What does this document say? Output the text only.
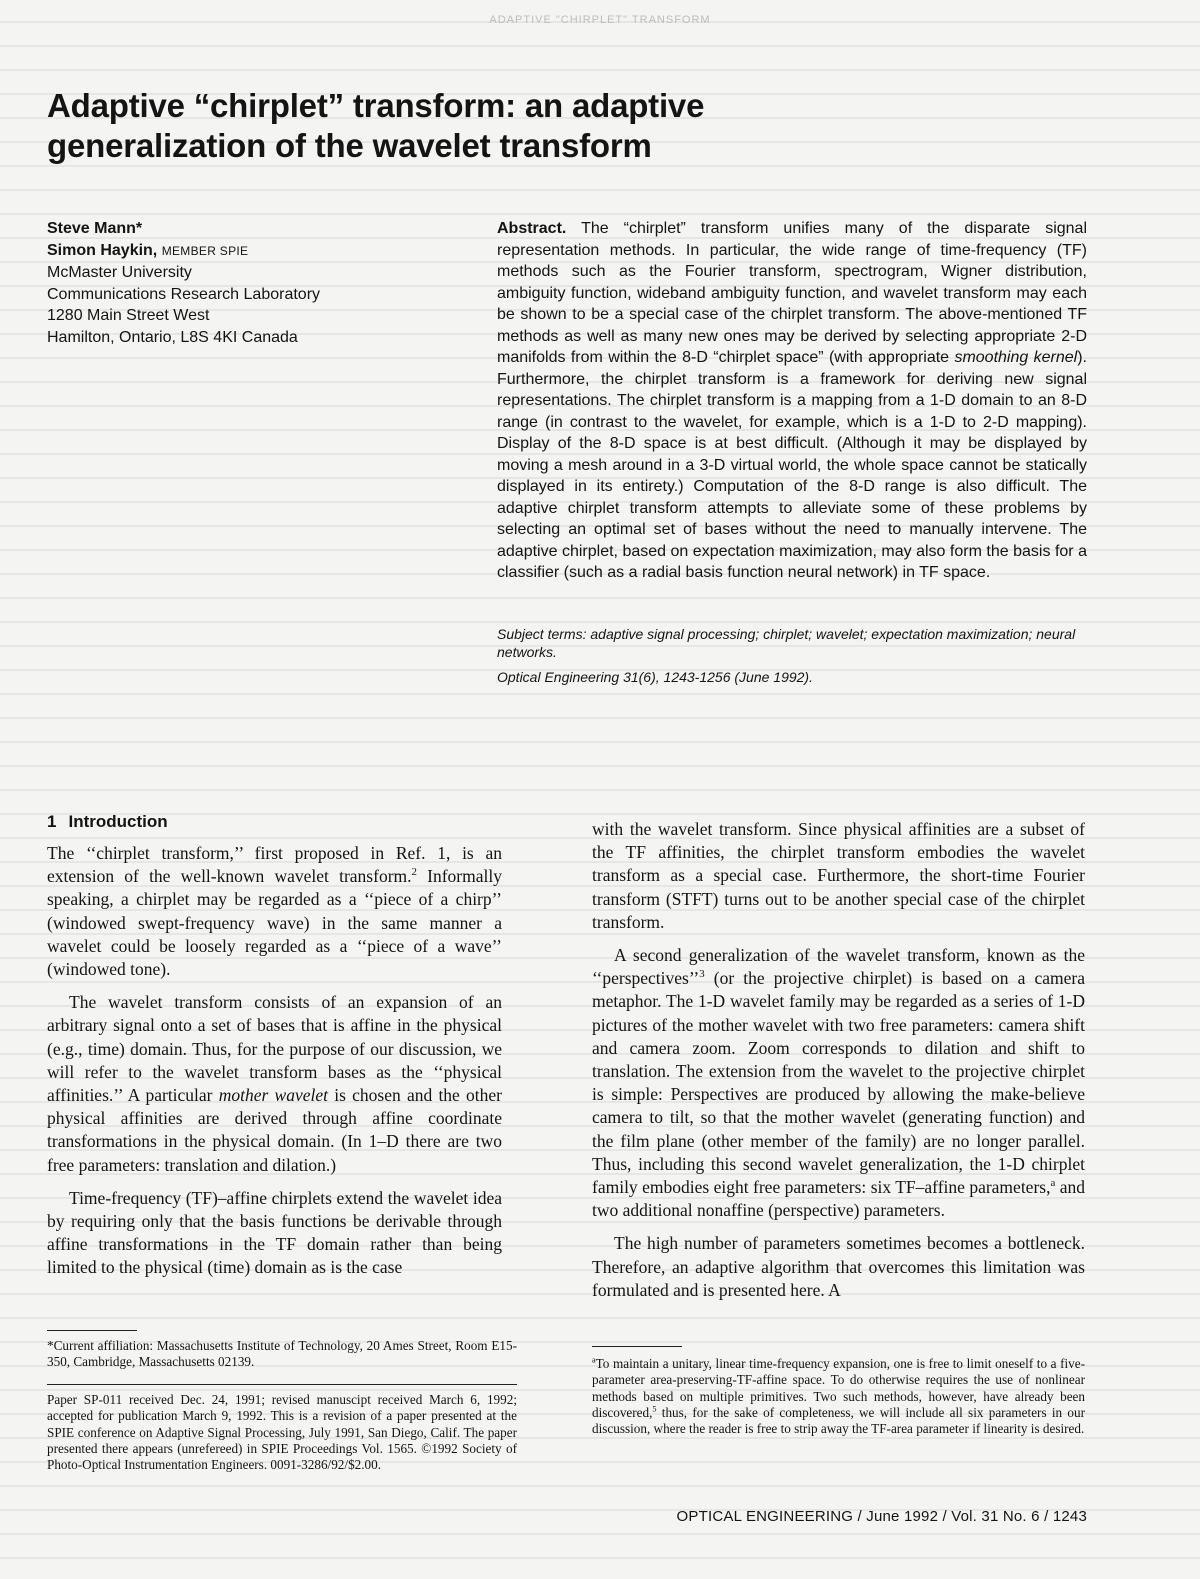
ADAPTIVE "CHIRPLET" TRANSFORM
Adaptive “chirplet” transform: an adaptive generalization of the wavelet transform
Steve Mann*
Simon Haykin, MEMBER SPIE
McMaster University
Communications Research Laboratory
1280 Main Street West
Hamilton, Ontario, L8S 4KI Canada
Abstract. The “chirplet” transform unifies many of the disparate signal representation methods. In particular, the wide range of time-frequency (TF) methods such as the Fourier transform, spectrogram, Wigner distribution, ambiguity function, wideband ambiguity function, and wavelet transform may each be shown to be a special case of the chirplet transform. The above-mentioned TF methods as well as many new ones may be derived by selecting appropriate 2-D manifolds from within the 8-D “chirplet space” (with appropriate smoothing kernel). Furthermore, the chirplet transform is a framework for deriving new signal representations. The chirplet transform is a mapping from a 1-D domain to an 8-D range (in contrast to the wavelet, for example, which is a 1-D to 2-D mapping). Display of the 8-D space is at best difficult. (Although it may be displayed by moving a mesh around in a 3-D virtual world, the whole space cannot be statically displayed in its entirety.) Computation of the 8-D range is also difficult. The adaptive chirplet transform attempts to alleviate some of these problems by selecting an optimal set of bases without the need to manually intervene. The adaptive chirplet, based on expectation maximization, may also form the basis for a classifier (such as a radial basis function neural network) in TF space.
Subject terms: adaptive signal processing; chirplet; wavelet; expectation maximization; neural networks.
Optical Engineering 31(6), 1243-1256 (June 1992).
1 Introduction

The ‘‘chirplet transform,’’ first proposed in Ref. 1, is an extension of the well-known wavelet transform.$^2$ Informally speaking, a chirplet may be regarded as a ‘‘piece of a chirp’’ (windowed swept-frequency wave) in the same manner a wavelet could be loosely regarded as a ‘‘piece of a wave’’ (windowed tone).

The wavelet transform consists of an expansion of an arbitrary signal onto a set of bases that is affine in the physical (e.g., time) domain. Thus, for the purpose of our discussion, we will refer to the wavelet transform bases as the ‘‘physical affinities.’’ A particular mother wavelet is chosen and the other physical affinities are derived through affine coordinate transformations in the physical domain. (In 1–D there are two free parameters: translation and dilation.)

Time-frequency (TF)–affine chirplets extend the wavelet idea by requiring only that the basis functions be derivable through affine transformations in the TF domain rather than being limited to the physical (time) domain as is the case

with the wavelet transform. Since physical affinities are a subset of the TF affinities, the chirplet transform embodies the wavelet transform as a special case. Furthermore, the short-time Fourier transform (STFT) turns out to be another special case of the chirplet transform.

A second generalization of the wavelet transform, known as the ‘‘perspectives’’$^3$ (or the projective chirplet) is based on a camera metaphor. The 1-D wavelet family may be regarded as a series of 1-D pictures of the mother wavelet with two free parameters: camera shift and camera zoom. Zoom corresponds to dilation and shift to translation. The extension from the wavelet to the projective chirplet is simple: Perspectives are produced by allowing the make-believe camera to tilt, so that the mother wavelet (generating function) and the film plane (other member of the family) are no longer parallel. Thus, including this second wavelet generalization, the 1-D chirplet family embodies eight free parameters: six TF–affine parameters,$^a$ and two additional nonaffine (perspective) parameters.

The high number of parameters sometimes becomes a bottleneck. Therefore, an adaptive algorithm that overcomes this limitation was formulated and is presented here. A

*Current affiliation: Massachusetts Institute of Technology, 20 Ames Street, Room E15-350, Cambridge, Massachusetts 02139.
Paper SP-011 received Dec. 24, 1991; revised manuscipt received March 6, 1992; accepted for publication March 9, 1992. This is a revision of a paper presented at the SPIE conference on Adaptive Signal Processing, July 1991, San Diego, Calif. The paper presented there appears (unrefereed) in SPIE Proceedings Vol. 1565. ©1992 Society of Photo-Optical Instrumentation Engineers. 0091-3286/92/$2.00.
$^a$To maintain a unitary, linear time-frequency expansion, one is free to limit oneself to a five-parameter area-preserving-TF-affine space. To do otherwise requires the use of nonlinear methods based on multiple primitives. Two such methods, however, have already been discovered,$^5$ thus, for the sake of completeness, we will include all six parameters in our discussion, where the reader is free to strip away the TF-area parameter if linearity is desired.
OPTICAL ENGINEERING / June 1992 / Vol. 31 No. 6 / 1243
